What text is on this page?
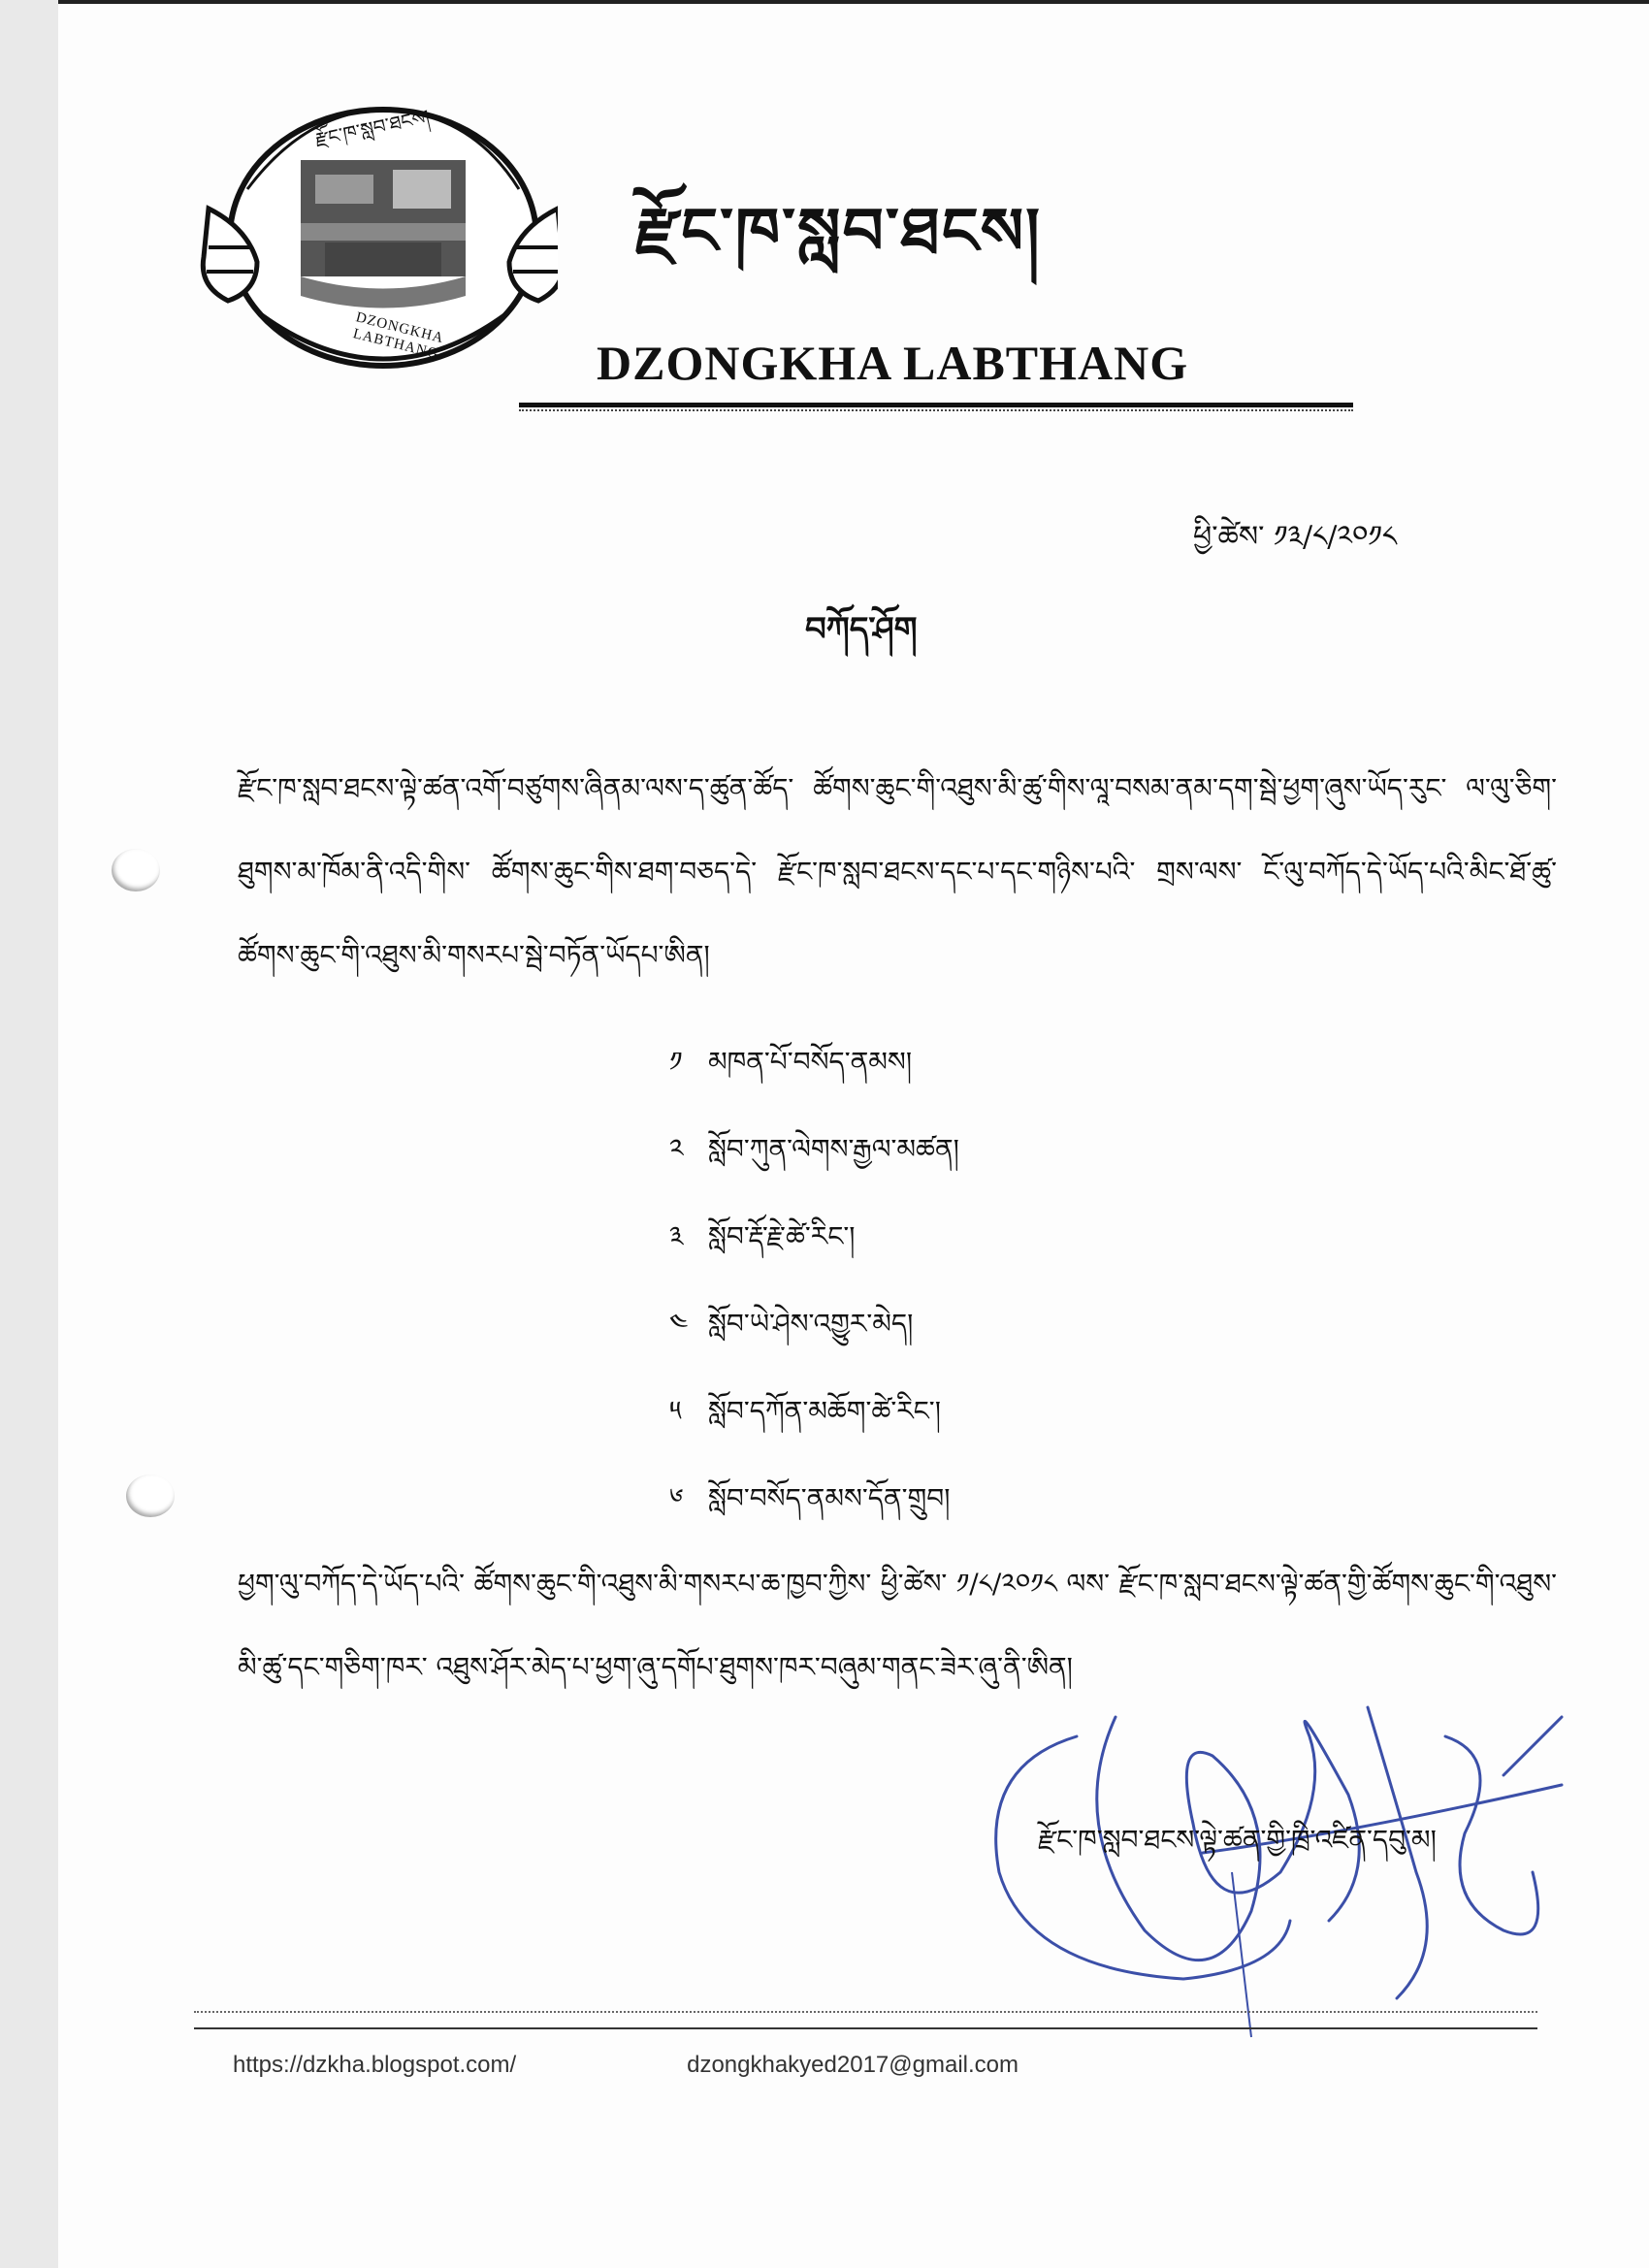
རྫོང་ཁ་སླབ་ཐངས།
DZONGKHA LABTHANG
རྫོང་ཁ་སླབ་ཐངས།
DZONGKHA LABTHANG
ཕྱི་ཚེས་ ༡༣/༨/༢༠༡༨
བཀོད་ཤོག
རྫོང་ཁ་སླབ་ཐངས་ལྟེ་ཚན་འགོ་བཙུགས་ཞིནམ་ལས་ད་ཚུན་ཚོད་ ཚོགས་ཆུང་གི་འཐུས་མི་ཚུ་གིས་ལཱ་བསམ་ནམ་དག་སྦེ་ཕྱག་ཞུས་ཡོད་རུང་ ལ་ལུ་ཅིག་ཐུགས་མ་ཁོམ་ནི་འདི་གིས་ ཚོགས་ཆུང་གིས་ཐག་བཅད་དེ་ རྫོང་ཁ་སླབ་ཐངས་དང་པ་དང་གཉིས་པའི་ གྲས་ལས་ ངོ་ལུ་བཀོད་དེ་ཡོད་པའི་མིང་ཐོ་ཚུ་ ཚོགས་ཆུང་གི་འཐུས་མི་གསརཔ་སྦེ་བཏོན་ཡོདཔ་ཨིན།
༡ མཁན་པོ་བསོད་ནམས།
༢ སློབ་ཀུན་ལེགས་རྒྱལ་མཚན།
༣ སློབ་རྡོ་རྗེ་ཚེ་རིང་།
༤ སློབ་ཡེ་ཤེས་འགྱུར་མེད།
༥ སློབ་དཀོན་མཆོག་ཚེ་རིང་།
༦ སློབ་བསོད་ནམས་དོན་གྲུབ།
ཕྱག་ལུ་བཀོད་དེ་ཡོད་པའི་ ཚོགས་ཆུང་གི་འཐུས་མི་གསརཔ་ཆ་ཁྱབ་ཀྱིས་ ཕྱི་ཚེས་ ༡/༨/༢༠༡༨ ལས་ རྫོང་ཁ་སླབ་ཐངས་ལྟེ་ཚན་གྱི་ཚོགས་ཆུང་གི་འཐུས་མི་ཚུ་དང་གཅིག་ཁར་ འཐུས་ཤོར་མེད་པ་ཕྱག་ཞུ་དགོཔ་ཐུགས་ཁར་བཞུམ་གནང་ཟེར་ཞུ་ནི་ཨིན།
རྫོང་ཁ་སླབ་ཐངས་ལྟེ་ཚན་གྱི་ཁྲི་འཛིན་དབུ་མ།
https://dzkha.blogspot.com/	dzongkhakyed2017@gmail.com
